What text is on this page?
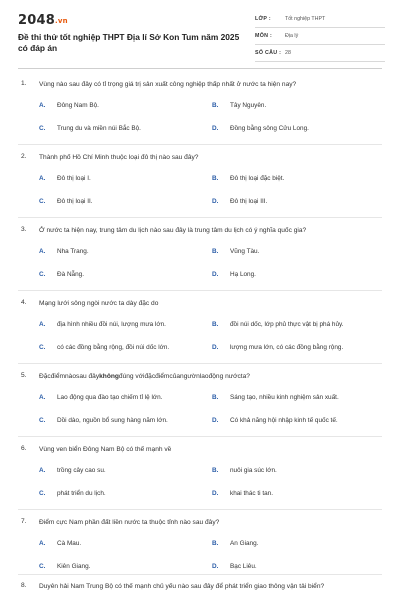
2048.vn
Đề thi thử tốt nghiệp THPT Địa lí Sở Kon Tum năm 2025 có đáp án
LỚP :	Tốt nghiệp THPT
MÔN : Địa lý
SỐ CÂU : 28
1. Vùng nào sau đây có tỉ trọng giá trị sản xuất công nghiệp thấp nhất ở nước ta hiện nay?
A. Đông Nam Bộ.	B. Tây Nguyên.
C. Trung du và miền núi Bắc Bộ.	D. Đồng bằng sông Cửu Long.
2. Thành phố Hồ Chí Minh thuộc loại đô thị nào sau đây?
A. Đô thị loại I.	B. Đô thị loại đặc biệt.
C. Đô thị loại II.	D. Đô thị loại III.
3. Ở nước ta hiện nay, trung tâm du lịch nào sau đây là trung tâm du lịch có ý nghĩa quốc gia?
A. Nha Trang.	B. Vũng Tàu.
C. Đà Nẵng.	D. Hạ Long.
4. Mạng lưới sông ngòi nước ta dày đặc do
A. địa hình nhiều đồi núi, lượng mưa lớn.	B. đồi núi dốc, lớp phủ thực vật bị phá hủy.
C. có các đồng bằng rộng, đồi núi dốc lớn.	D. lượng mưa lớn, có các đồng bằng rộng.
5. Đặcđiểmnàosau đâykhôngđúng vớiđặcđiểmcủangườnlaođộng nướcta?
A. Lao động qua đào tạo chiếm tỉ lệ lớn.	B. Sáng tạo, nhiều kinh nghiệm sản xuất.
C. Dồi dào, nguồn bổ sung hàng năm lớn.	D. Có khả năng hội nhập kinh tế quốc tế.
6. Vùng ven biển Đông Nam Bộ có thế mạnh về
A. trồng cây cao su.	B. nuôi gia súc lớn.
C. phát triển du lịch.	D. khai thác ti tan.
7. Điểm cực Nam phần đất liền nước ta thuộc tỉnh nào sau đây?
A. Cà Mau.	B. An Giang.
C. Kiên Giang.	D. Bạc Liêu.
8. Duyên hải Nam Trung Bộ có thế mạnh chủ yếu nào sau đây để phát triển giao thông vận tải biển?
